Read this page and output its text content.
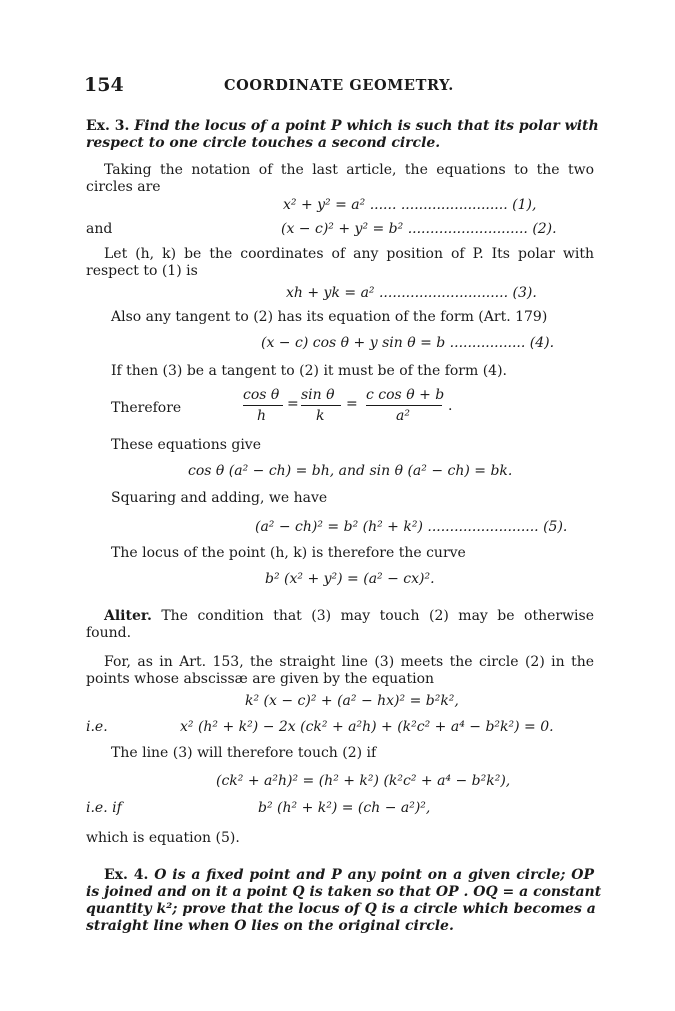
154	COORDINATE GEOMETRY.
Ex. 3. Find the locus of a point P which is such that its polar with
respect to one circle touches a second circle.
Taking the notation of the last article, the equations to the two
circles are
x² + y² = a² ...... ........................ (1),
and	(x − c)² + y² = b² ........................... (2).
Let (h, k) be the coordinates of any position of P. Its polar with
respect to (1) is
xh + yk = a² ............................. (3).
Also any tangent to (2) has its equation of the form (Art. 179)
(x − c) cos θ + y sin θ = b ................. (4).
If then (3) be a tangent to (2) it must be of the form (4).
Therefore
cos θ
h
=
sin θ
k
=
c cos θ + b
a²
.
These equations give
cos θ (a² − ch) = bh, and sin θ (a² − ch) = bk.
Squaring and adding, we have
(a² − ch)² = b² (h² + k²) ......................... (5).
The locus of the point (h, k) is therefore the curve
b² (x² + y²) = (a² − cx)².
Aliter. The condition that (3) may touch (2) may be otherwise
found.
For, as in Art. 153, the straight line (3) meets the circle (2) in the
points whose abscissæ are given by the equation
k² (x − c)² + (a² − hx)² = b²k²,
i.e.	x² (h² + k²) − 2x (ck² + a²h) + (k²c² + a⁴ − b²k²) = 0.
The line (3) will therefore touch (2) if
(ck² + a²h)² = (h² + k²) (k²c² + a⁴ − b²k²),
i.e. if	b² (h² + k²) = (ch − a²)²,
which is equation (5).
Ex. 4. O is a fixed point and P any point on a given circle; OP
is joined and on it a point Q is taken so that OP . OQ = a constant
quantity k²; prove that the locus of Q is a circle which becomes a
straight line when O lies on the original circle.
